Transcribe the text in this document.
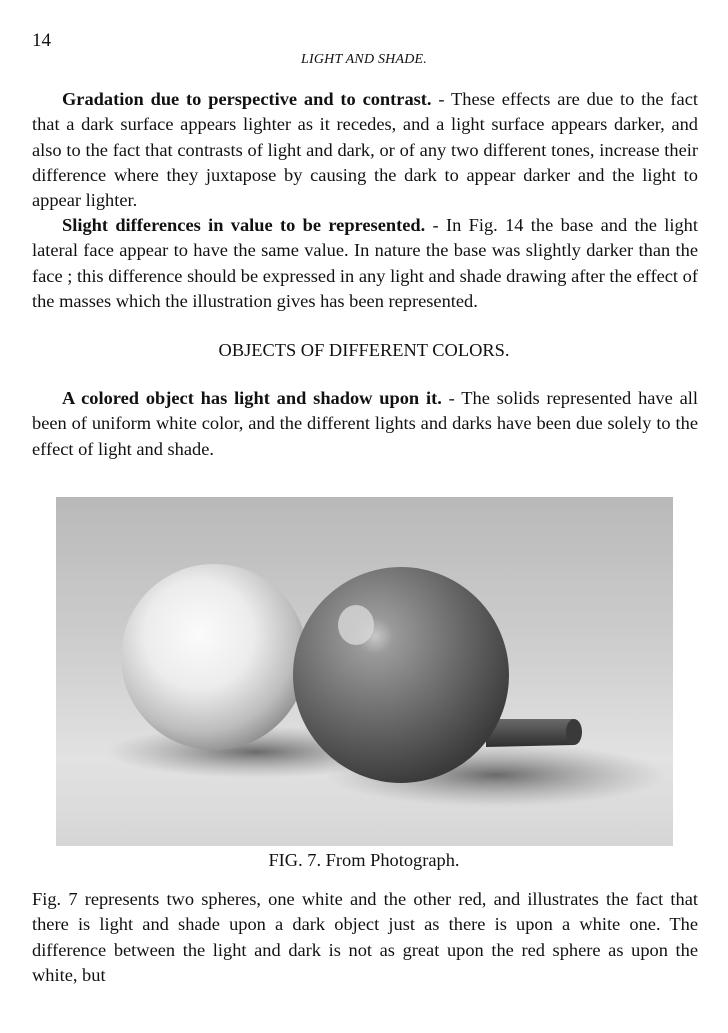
14
LIGHT AND SHADE.

Gradation due to perspective and to contrast. - These effects are due to the fact that a dark surface appears lighter as it recedes, and a light surface appears darker, and also to the fact that contrasts of light and dark, or of any two different tones, increase their difference where they juxtapose by causing the dark to appear darker and the light to appear lighter.

Slight differences in value to be represented. - In Fig. 14 the base and the light lateral face appear to have the same value. In nature the base was slightly darker than the face ; this difference should be expressed in any light and shade drawing after the effect of the masses which the illustration gives has been represented.

OBJECTS OF DIFFERENT COLORS.

A colored object has light and shadow upon it. - The solids represented have all been of uniform white color, and the different lights and darks have been due solely to the effect of light and shade.

FIG. 7. From Photograph.

Fig. 7 represents two spheres, one white and the other red, and illustrates the fact that there is light and shade upon a dark object just as there is upon a white one. The difference between the light and dark is not as great upon the red sphere as upon the white, but
